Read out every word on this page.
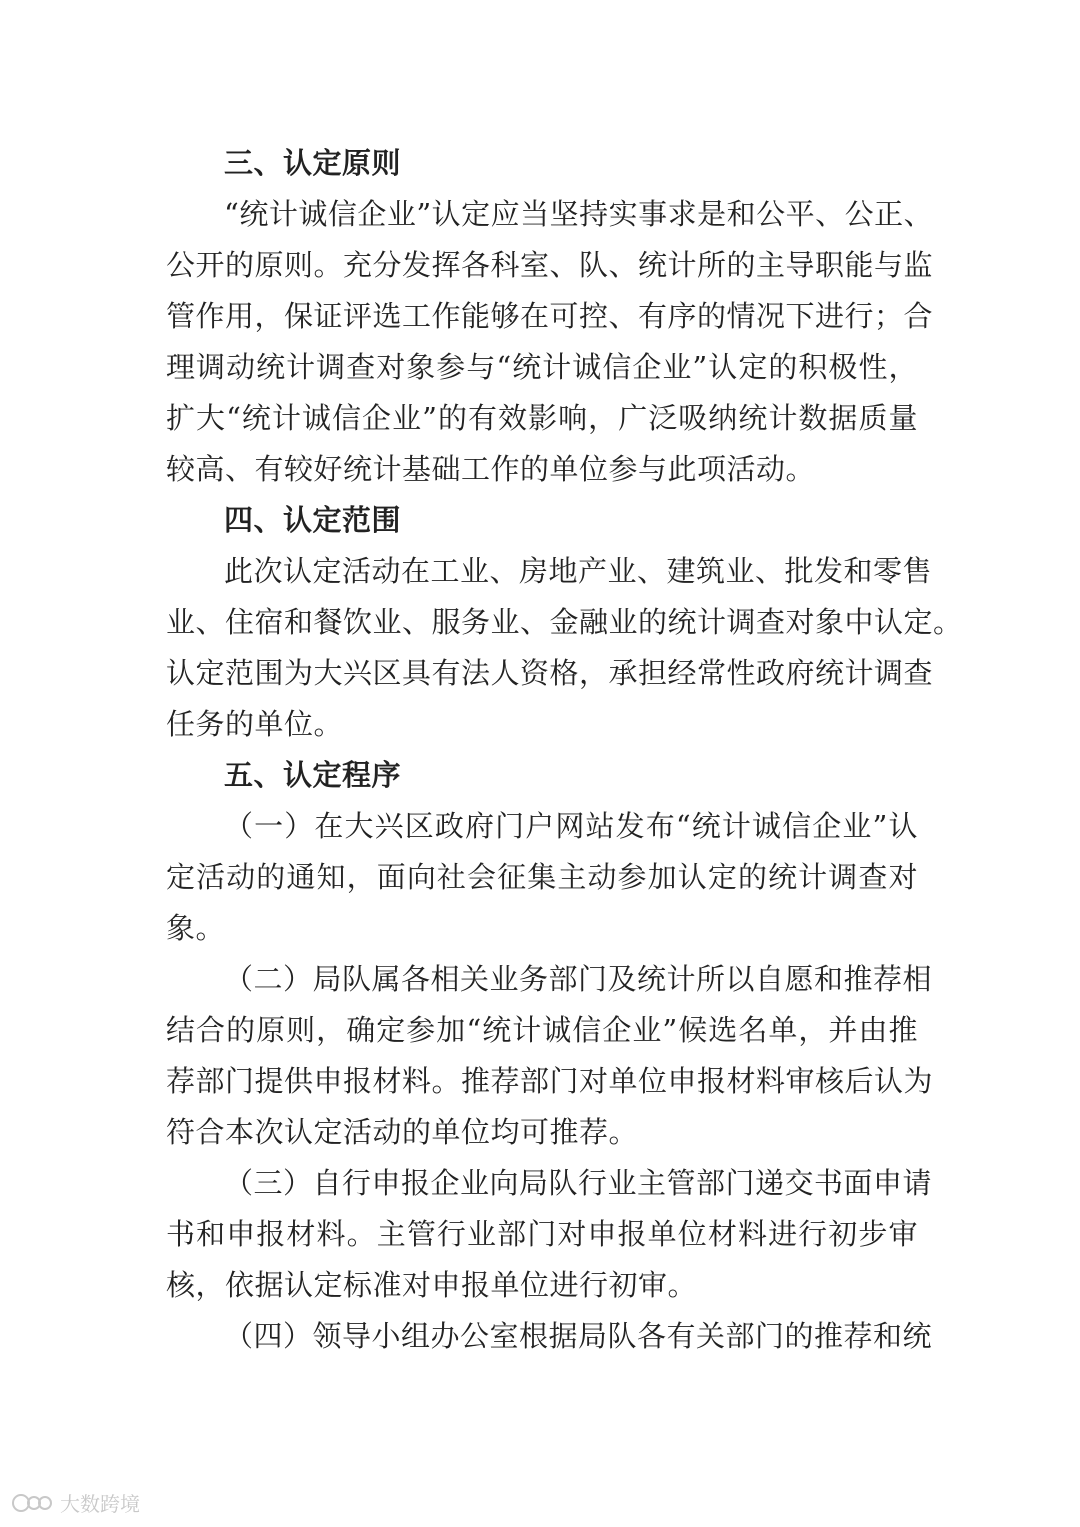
三、认定原则
“统计诚信企业”认定应当坚持实事求是和公平、公正、
公开的原则。充分发挥各科室、队、统计所的主导职能与监
管作用，保证评选工作能够在可控、有序的情况下进行；合
理调动统计调查对象参与“统计诚信企业”认定的积极性，
扩大“统计诚信企业”的有效影响，广泛吸纳统计数据质量
较高、有较好统计基础工作的单位参与此项活动。
四、认定范围
此次认定活动在工业、房地产业、建筑业、批发和零售
业、住宿和餐饮业、服务业、金融业的统计调查对象中认定。
认定范围为大兴区具有法人资格，承担经常性政府统计调查
任务的单位。
五、认定程序
（一）在大兴区政府门户网站发布“统计诚信企业”认
定活动的通知，面向社会征集主动参加认定的统计调查对
象。
（二）局队属各相关业务部门及统计所以自愿和推荐相
结合的原则，确定参加“统计诚信企业”候选名单，并由推
荐部门提供申报材料。推荐部门对单位申报材料审核后认为
符合本次认定活动的单位均可推荐。
（三）自行申报企业向局队行业主管部门递交书面申请
书和申报材料。主管行业部门对申报单位材料进行初步审
核，依据认定标准对申报单位进行初审。
（四）领导小组办公室根据局队各有关部门的推荐和统
大数跨境
